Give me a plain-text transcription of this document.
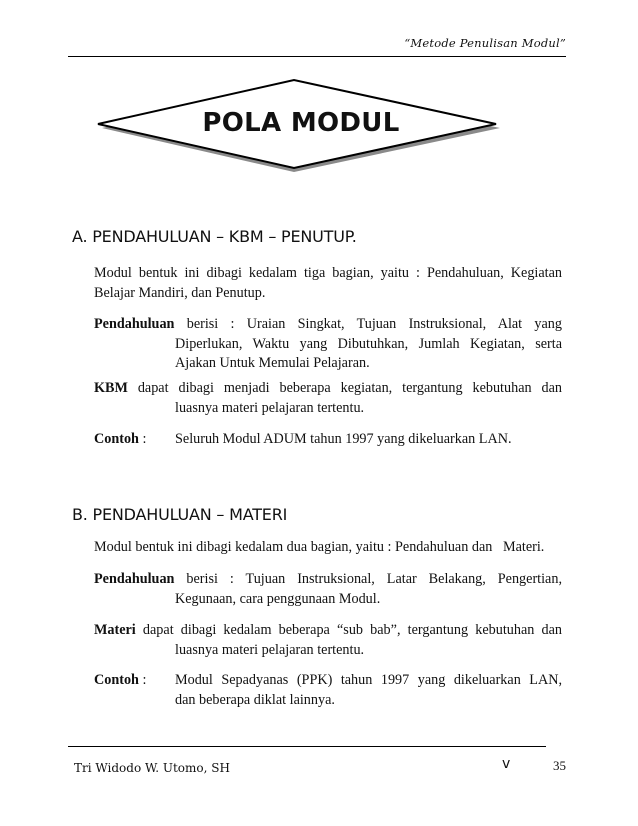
“Metode Penulisan Modul”
POLA MODUL
A. PENDAHULUAN – KBM – PENUTUP.
Modul bentuk ini dibagi kedalam tiga bagian, yaitu : Pendahuluan, Kegiatan
Belajar Mandiri, dan Penutup.
Pendahuluan berisi : Uraian Singkat, Tujuan Instruksional, Alat yang
Diperlukan, Waktu yang Dibutuhkan, Jumlah Kegiatan, serta
Ajakan Untuk Memulai Pelajaran.
KBM dapat dibagi menjadi beberapa kegiatan, tergantung kebutuhan dan
luasnya materi pelajaran tertentu.
Contoh : Seluruh Modul ADUM tahun 1997 yang dikeluarkan LAN.
B. PENDAHULUAN – MATERI
Modul bentuk ini dibagi kedalam dua bagian, yaitu : Pendahuluan dan   Materi.
Pendahuluan berisi : Tujuan Instruksional, Latar Belakang, Pengertian,
Kegunaan, cara penggunaan Modul.
Materi dapat dibagi kedalam beberapa “sub bab”, tergantung kebutuhan dan
luasnya materi pelajaran tertentu.
Contoh : Modul Sepadyanas (PPK) tahun 1997 yang dikeluarkan LAN,
dan beberapa diklat lainnya.
Tri Widodo W. Utomo, SH	v	35
